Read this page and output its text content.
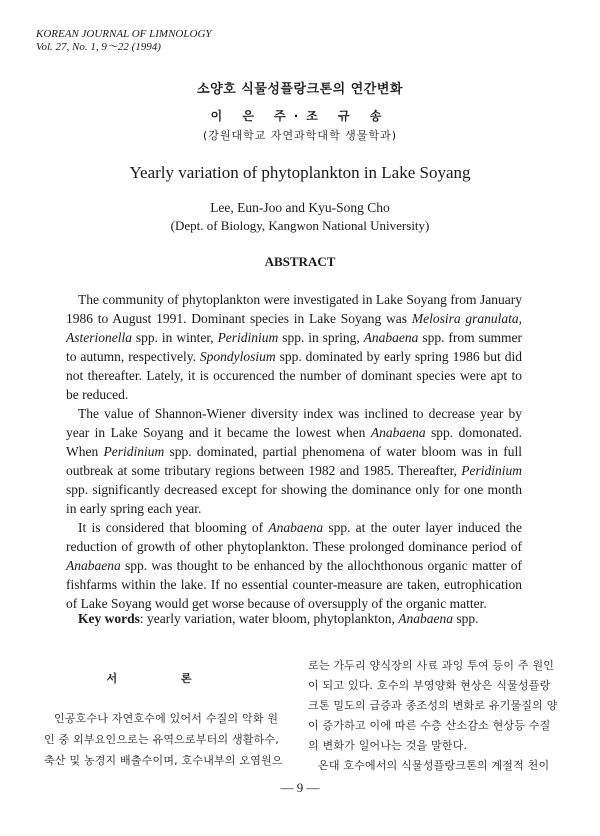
KOREAN JOURNAL OF LIMNOLOGY
Vol. 27, No. 1, 9～22 (1994)
소양호 식물성플랑크톤의 연간변화
이 은 주·조 규 송
(강원대학교 자연과학대학 생물학과)
Yearly variation of phytoplankton in Lake Soyang
Lee, Eun-Joo and Kyu-Song Cho
(Dept. of Biology, Kangwon National University)
ABSTRACT

The community of phytoplankton were investigated in Lake Soyang from January 1986 to August 1991. Dominant species in Lake Soyang was Melosira granulata, Asterionella spp. in winter, Peridinium spp. in spring, Anabaena spp. from summer to autumn, respectively. Spondylosium spp. dominated by early spring 1986 but did not thereafter. Lately, it is occurenced the number of dominant species were apt to be reduced.

The value of Shannon-Wiener diversity index was inclined to decrease year by year in Lake Soyang and it became the lowest when Anabaena spp. domonated. When Peridinium spp. dominated, partial phenomena of water bloom was in full outbreak at some tributary regions between 1982 and 1985. Thereafter, Peridinium spp. significantly decreased except for showing the dominance only for one month in early spring each year.

It is considered that blooming of Anabaena spp. at the outer layer induced the reduction of growth of other phytoplankton. These prolonged dominance period of Anabaena spp. was thought to be enhanced by the allochthonous organic matter of fishfarms within the lake. If no essential counter-measure are taken, eutrophication of Lake Soyang would get worse because of oversupply of the organic matter.

Key words: yearly variation, water bloom, phytoplankton, Anabaena spp.
서 론

인공호수나 자연호수에 있어서 수질의 악화 원인 중 외부요인으로는 유역으로부터의 생활하수, 축산 및 농경지 배출수이며, 호수내부의 오염원으

로는 가두리 양식장의 사료 과잉 투여 등이 주 원인이 되고 있다. 호수의 부영양화 현상은 식물성플랑크톤 밀도의 급증과 종조성의 변화로 유기물질의 양이 증가하고 이에 따른 수층 산소감소 현상등 수질의 변화가 일어나는 것을 말한다.

온대 호수에서의 식물성플랑크톤의 계절적 천이

— 9 —
